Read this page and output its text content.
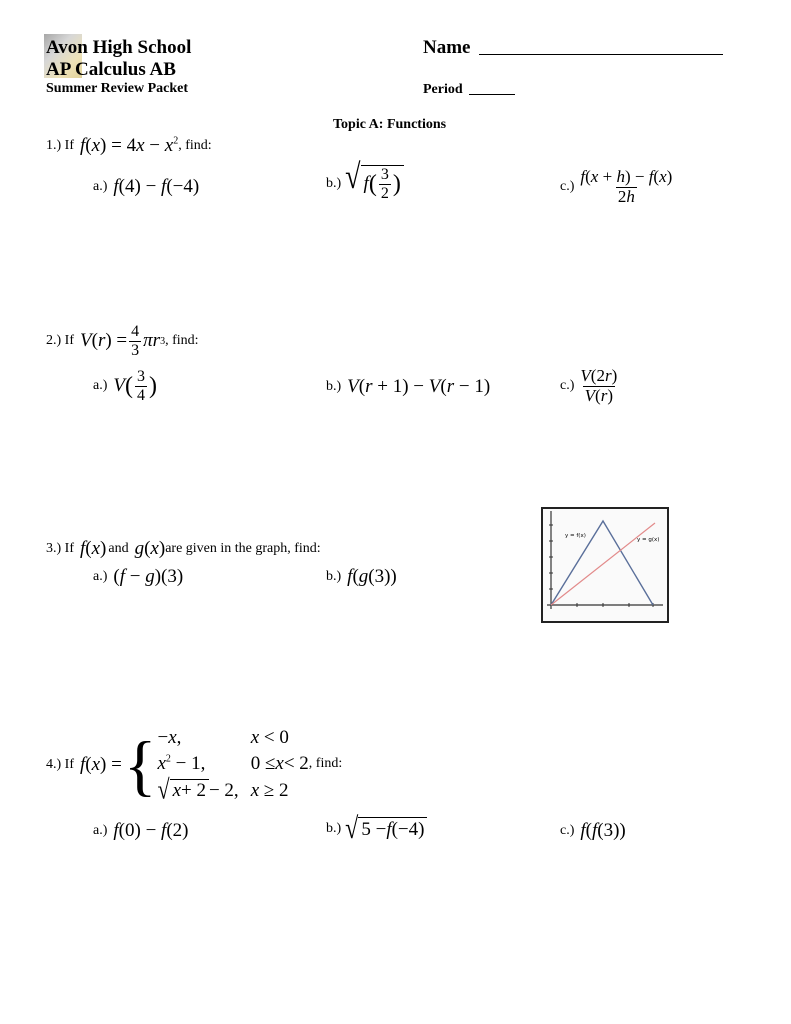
Avon High School
AP Calculus AB
Summer Review Packet
Name
Period
Topic A: Functions
1.) If $f(x) = 4x - x^2$ , find:
a.) f(4) − f(−4)	b.) √ f ( $\frac{3}{2}$ )	$c.) \frac{f(x + h) - f(x)}{2h}$
2.) If V ( r ) = $\frac{4}{3}$ πr 3 , find:
a.) V ( $\frac{3}{4}$ )	b.) V(r + 1) − V(r − 1)	$c.) \frac{V(2r)}{V(r)}$
3.) If f(x) and g(x) are given in the graph, find:
a.) (f − g)(3)	b.) f(g(3))
y = f(x)
y = g(x)
4.) If f(x) = { −x,	x < 0
$x^2 - 1$,	0 ≤ x < 2 , find:
√ x + 2 − 2, x ≥ 2
a.) f(0) − f(2)	b.) √ 5 − f (−4)	c.) f(f(3))
